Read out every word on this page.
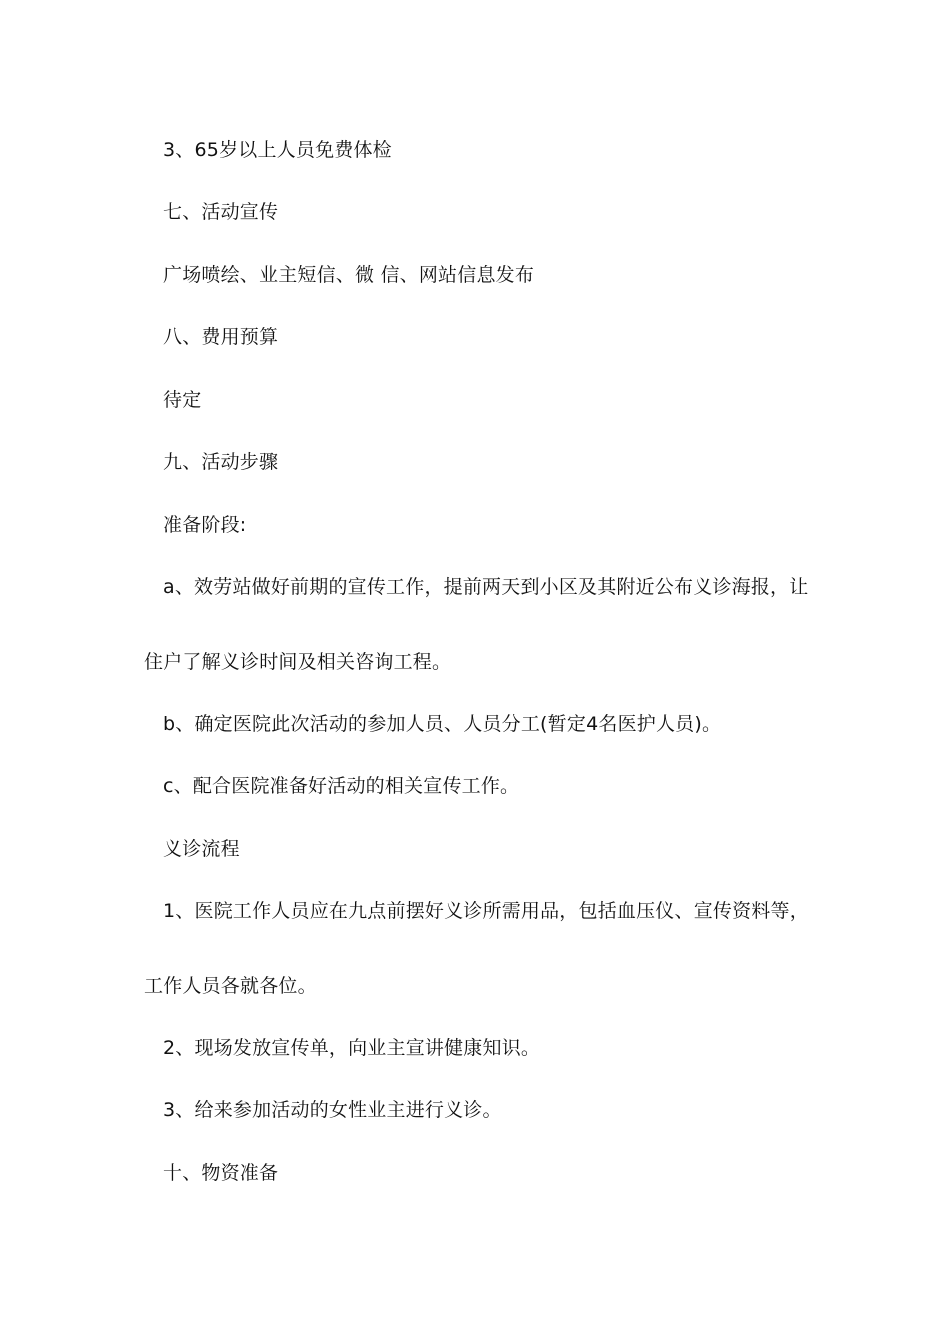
3、65岁以上人员免费体检
七、活动宣传
广场喷绘、业主短信、微 信、网站信息发布
八、费用预算
待定
九、活动步骤
准备阶段:
a、效劳站做好前期的宣传工作，提前两天到小区及其附近公布义诊海报，让
住户了解义诊时间及相关咨询工程。
b、确定医院此次活动的参加人员、人员分工(暂定4名医护人员)。
c、配合医院准备好活动的相关宣传工作。
义诊流程
1、医院工作人员应在九点前摆好义诊所需用品，包括血压仪、宣传资料等，
工作人员各就各位。
2、现场发放宣传单，向业主宣讲健康知识。
3、给来参加活动的女性业主进行义诊。
十、物资准备
